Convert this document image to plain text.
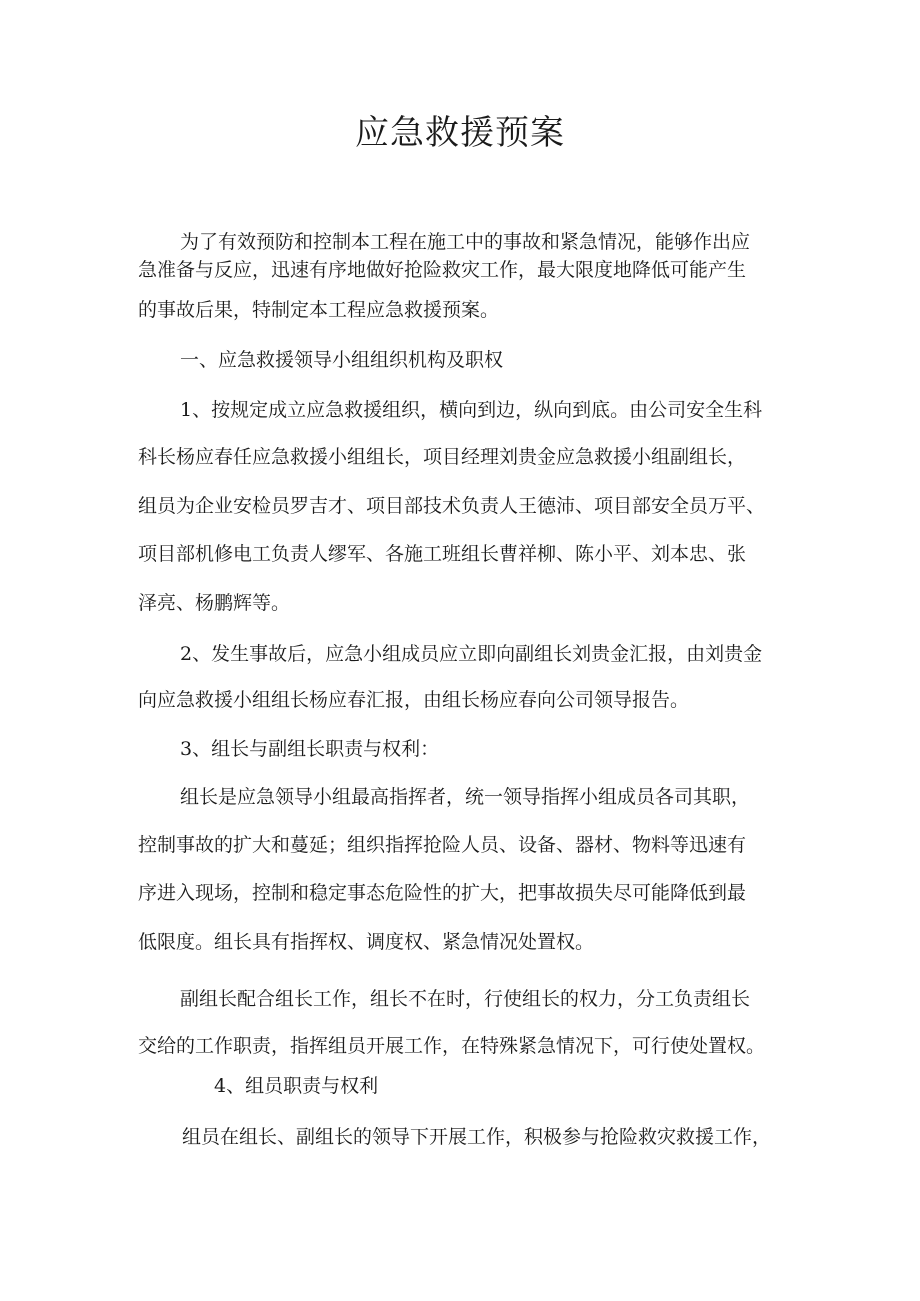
应急救援预案

为了有效预防和控制本工程在施工中的事故和紧急情况，能够作出应

急准备与反应，迅速有序地做好抢险救灾工作，最大限度地降低可能产生

的事故后果，特制定本工程应急救援预案。

一、应急救援领导小组组织机构及职权

1、按规定成立应急救援组织，横向到边，纵向到底。由公司安全生科

科长杨应春任应急救援小组组长，项目经理刘贵金应急救援小组副组长，

组员为企业安检员罗吉才、项目部技术负责人王德沛、项目部安全员万平、

项目部机修电工负责人缪军、各施工班组长曹祥柳、陈小平、刘本忠、张

泽亮、杨鹏辉等。

2、发生事故后，应急小组成员应立即向副组长刘贵金汇报，由刘贵金

向应急救援小组组长杨应春汇报，由组长杨应春向公司领导报告。

3、组长与副组长职责与权利：

组长是应急领导小组最高指挥者，统一领导指挥小组成员各司其职，

控制事故的扩大和蔓延；组织指挥抢险人员、设备、器材、物料等迅速有

序进入现场，控制和稳定事态危险性的扩大，把事故损失尽可能降低到最

低限度。组长具有指挥权、调度权、紧急情况处置权。

副组长配合组长工作，组长不在时，行使组长的权力，分工负责组长

交给的工作职责，指挥组员开展工作，在特殊紧急情况下，可行使处置权。

4、组员职责与权利

组员在组长、副组长的领导下开展工作，积极参与抢险救灾救援工作，
